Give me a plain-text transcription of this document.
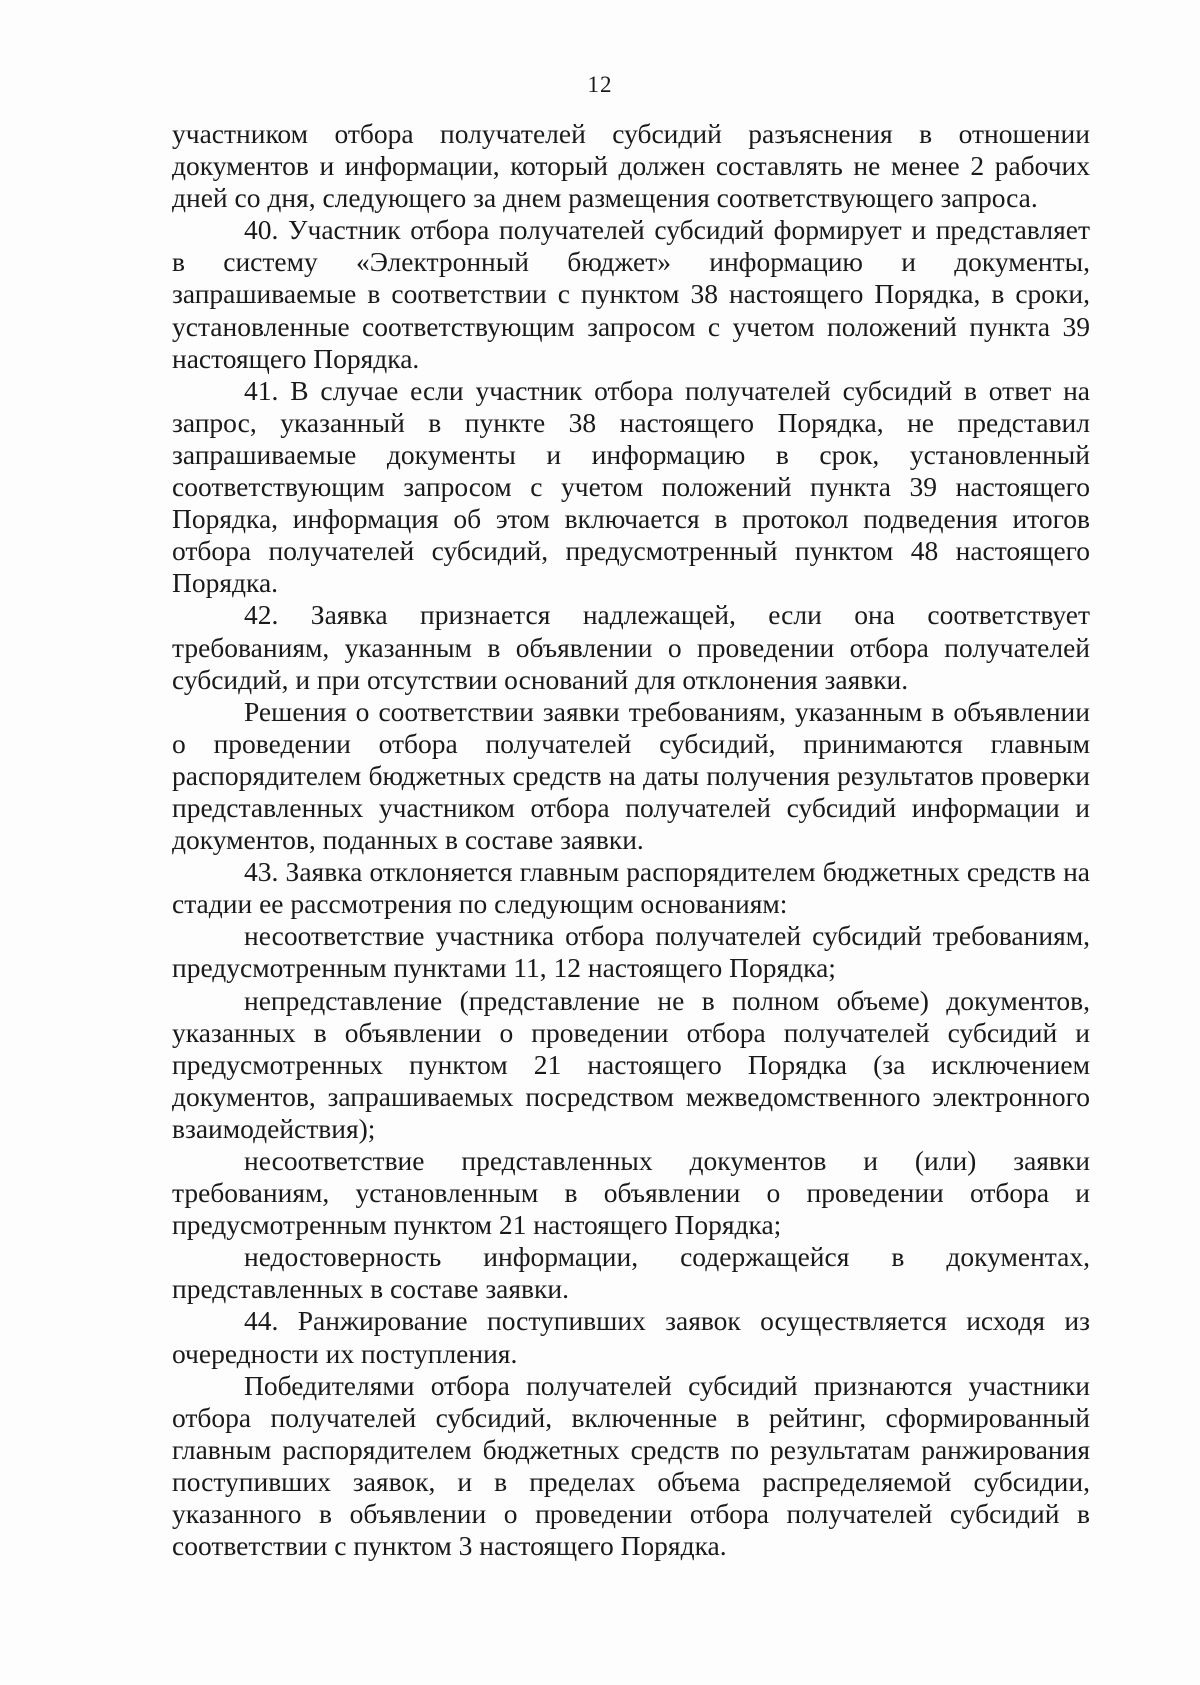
12

участником отбора получателей субсидий разъяснения в отношении документов и информации, который должен составлять не менее 2 рабочих дней со дня, следующего за днем размещения соответствующего запроса.

40. Участник отбора получателей субсидий формирует и представляет в систему «Электронный бюджет» информацию и документы, запрашиваемые в соответствии с пунктом 38 настоящего Порядка, в сроки, установленные соответствующим запросом с учетом положений пункта 39 настоящего Порядка.

41. В случае если участник отбора получателей субсидий в ответ на запрос, указанный в пункте 38 настоящего Порядка, не представил запрашиваемые документы и информацию в срок, установленный соответствующим запросом с учетом положений пункта 39 настоящего Порядка, информация об этом включается в протокол подведения итогов отбора получателей субсидий, предусмотренный пунктом 48 настоящего Порядка.

42. Заявка признается надлежащей, если она соответствует требованиям, указанным в объявлении о проведении отбора получателей субсидий, и при отсутствии оснований для отклонения заявки.

Решения о соответствии заявки требованиям, указанным в объявлении о проведении отбора получателей субсидий, принимаются главным распорядителем бюджетных средств на даты получения результатов проверки представленных участником отбора получателей субсидий информации и документов, поданных в составе заявки.

43. Заявка отклоняется главным распорядителем бюджетных средств на стадии ее рассмотрения по следующим основаниям:

несоответствие участника отбора получателей субсидий требованиям, предусмотренным пунктами 11, 12 настоящего Порядка;

непредставление (представление не в полном объеме) документов, указанных в объявлении о проведении отбора получателей субсидий и предусмотренных пунктом 21 настоящего Порядка (за исключением документов, запрашиваемых посредством межведомственного электронного взаимодействия);

несоответствие представленных документов и (или) заявки требованиям, установленным в объявлении о проведении отбора и предусмотренным пунктом 21 настоящего Порядка;

недостоверность информации, содержащейся в документах, представленных в составе заявки.

44. Ранжирование поступивших заявок осуществляется исходя из очередности их поступления.

Победителями отбора получателей субсидий признаются участники отбора получателей субсидий, включенные в рейтинг, сформированный главным распорядителем бюджетных средств по результатам ранжирования поступивших заявок, и в пределах объема распределяемой субсидии, указанного в объявлении о проведении отбора получателей субсидий в соответствии с пунктом 3 настоящего Порядка.
